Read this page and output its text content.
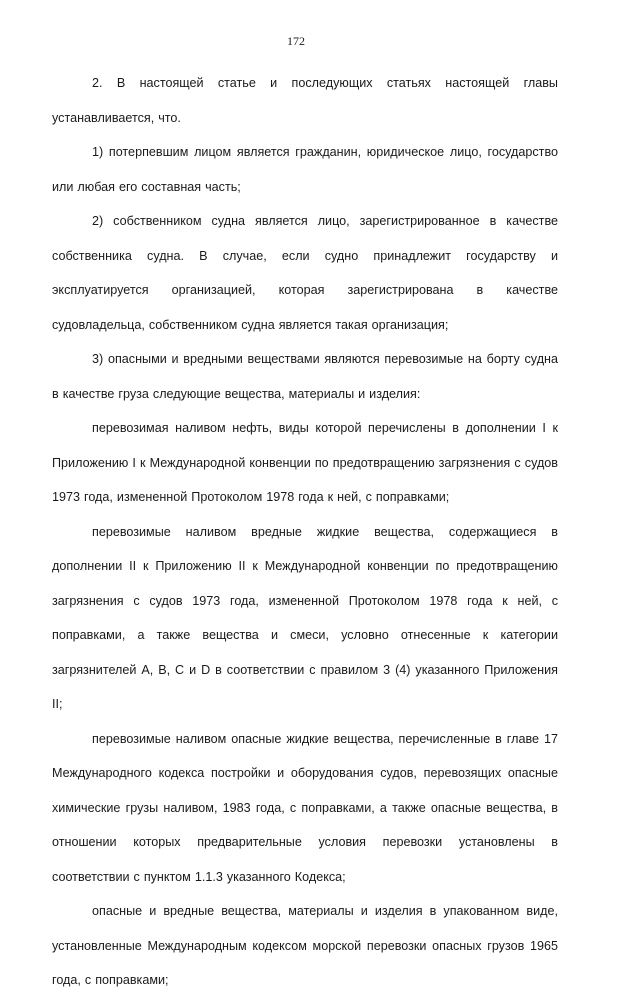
172

2. В настоящей статье и последующих статьях настоящей главы устанавливается, что.

1) потерпевшим лицом является гражданин, юридическое лицо, государство или любая его составная часть;

2) собственником судна является лицо, зарегистрированное в качестве собственника судна. В случае, если судно принадлежит государству и эксплуатируется организацией, которая зарегистрирована в качестве судовладельца, собственником судна является такая организация;

3) опасными и вредными веществами являются перевозимые на борту судна в качестве груза следующие вещества, материалы и изделия:

перевозимая наливом нефть, виды которой перечислены в дополнении I к Приложению I к Международной конвенции по предотвращению загрязнения с судов 1973 года, измененной Протоколом 1978 года к ней, с поправками;

перевозимые наливом вредные жидкие вещества, содержащиеся в дополнении II к Приложению II к Международной конвенции по предотвращению загрязнения с судов 1973 года, измененной Протоколом 1978 года к ней, с поправками, а также вещества и смеси, условно отнесенные к категории загрязнителей А, В, С и D в соответствии с правилом 3 (4) указанного Приложения II;

перевозимые наливом опасные жидкие вещества, перечисленные в главе 17 Международного кодекса постройки и оборудования судов, перевозящих опасные химические грузы наливом, 1983 года, с поправками, а также опасные вещества, в отношении которых предварительные условия перевозки установлены в соответствии с пунктом 1.1.3 указанного Кодекса;

опасные и вредные вещества, материалы и изделия в упакованном виде, установленные Международным кодексом морской перевозки опасных грузов 1965 года, с поправками;
